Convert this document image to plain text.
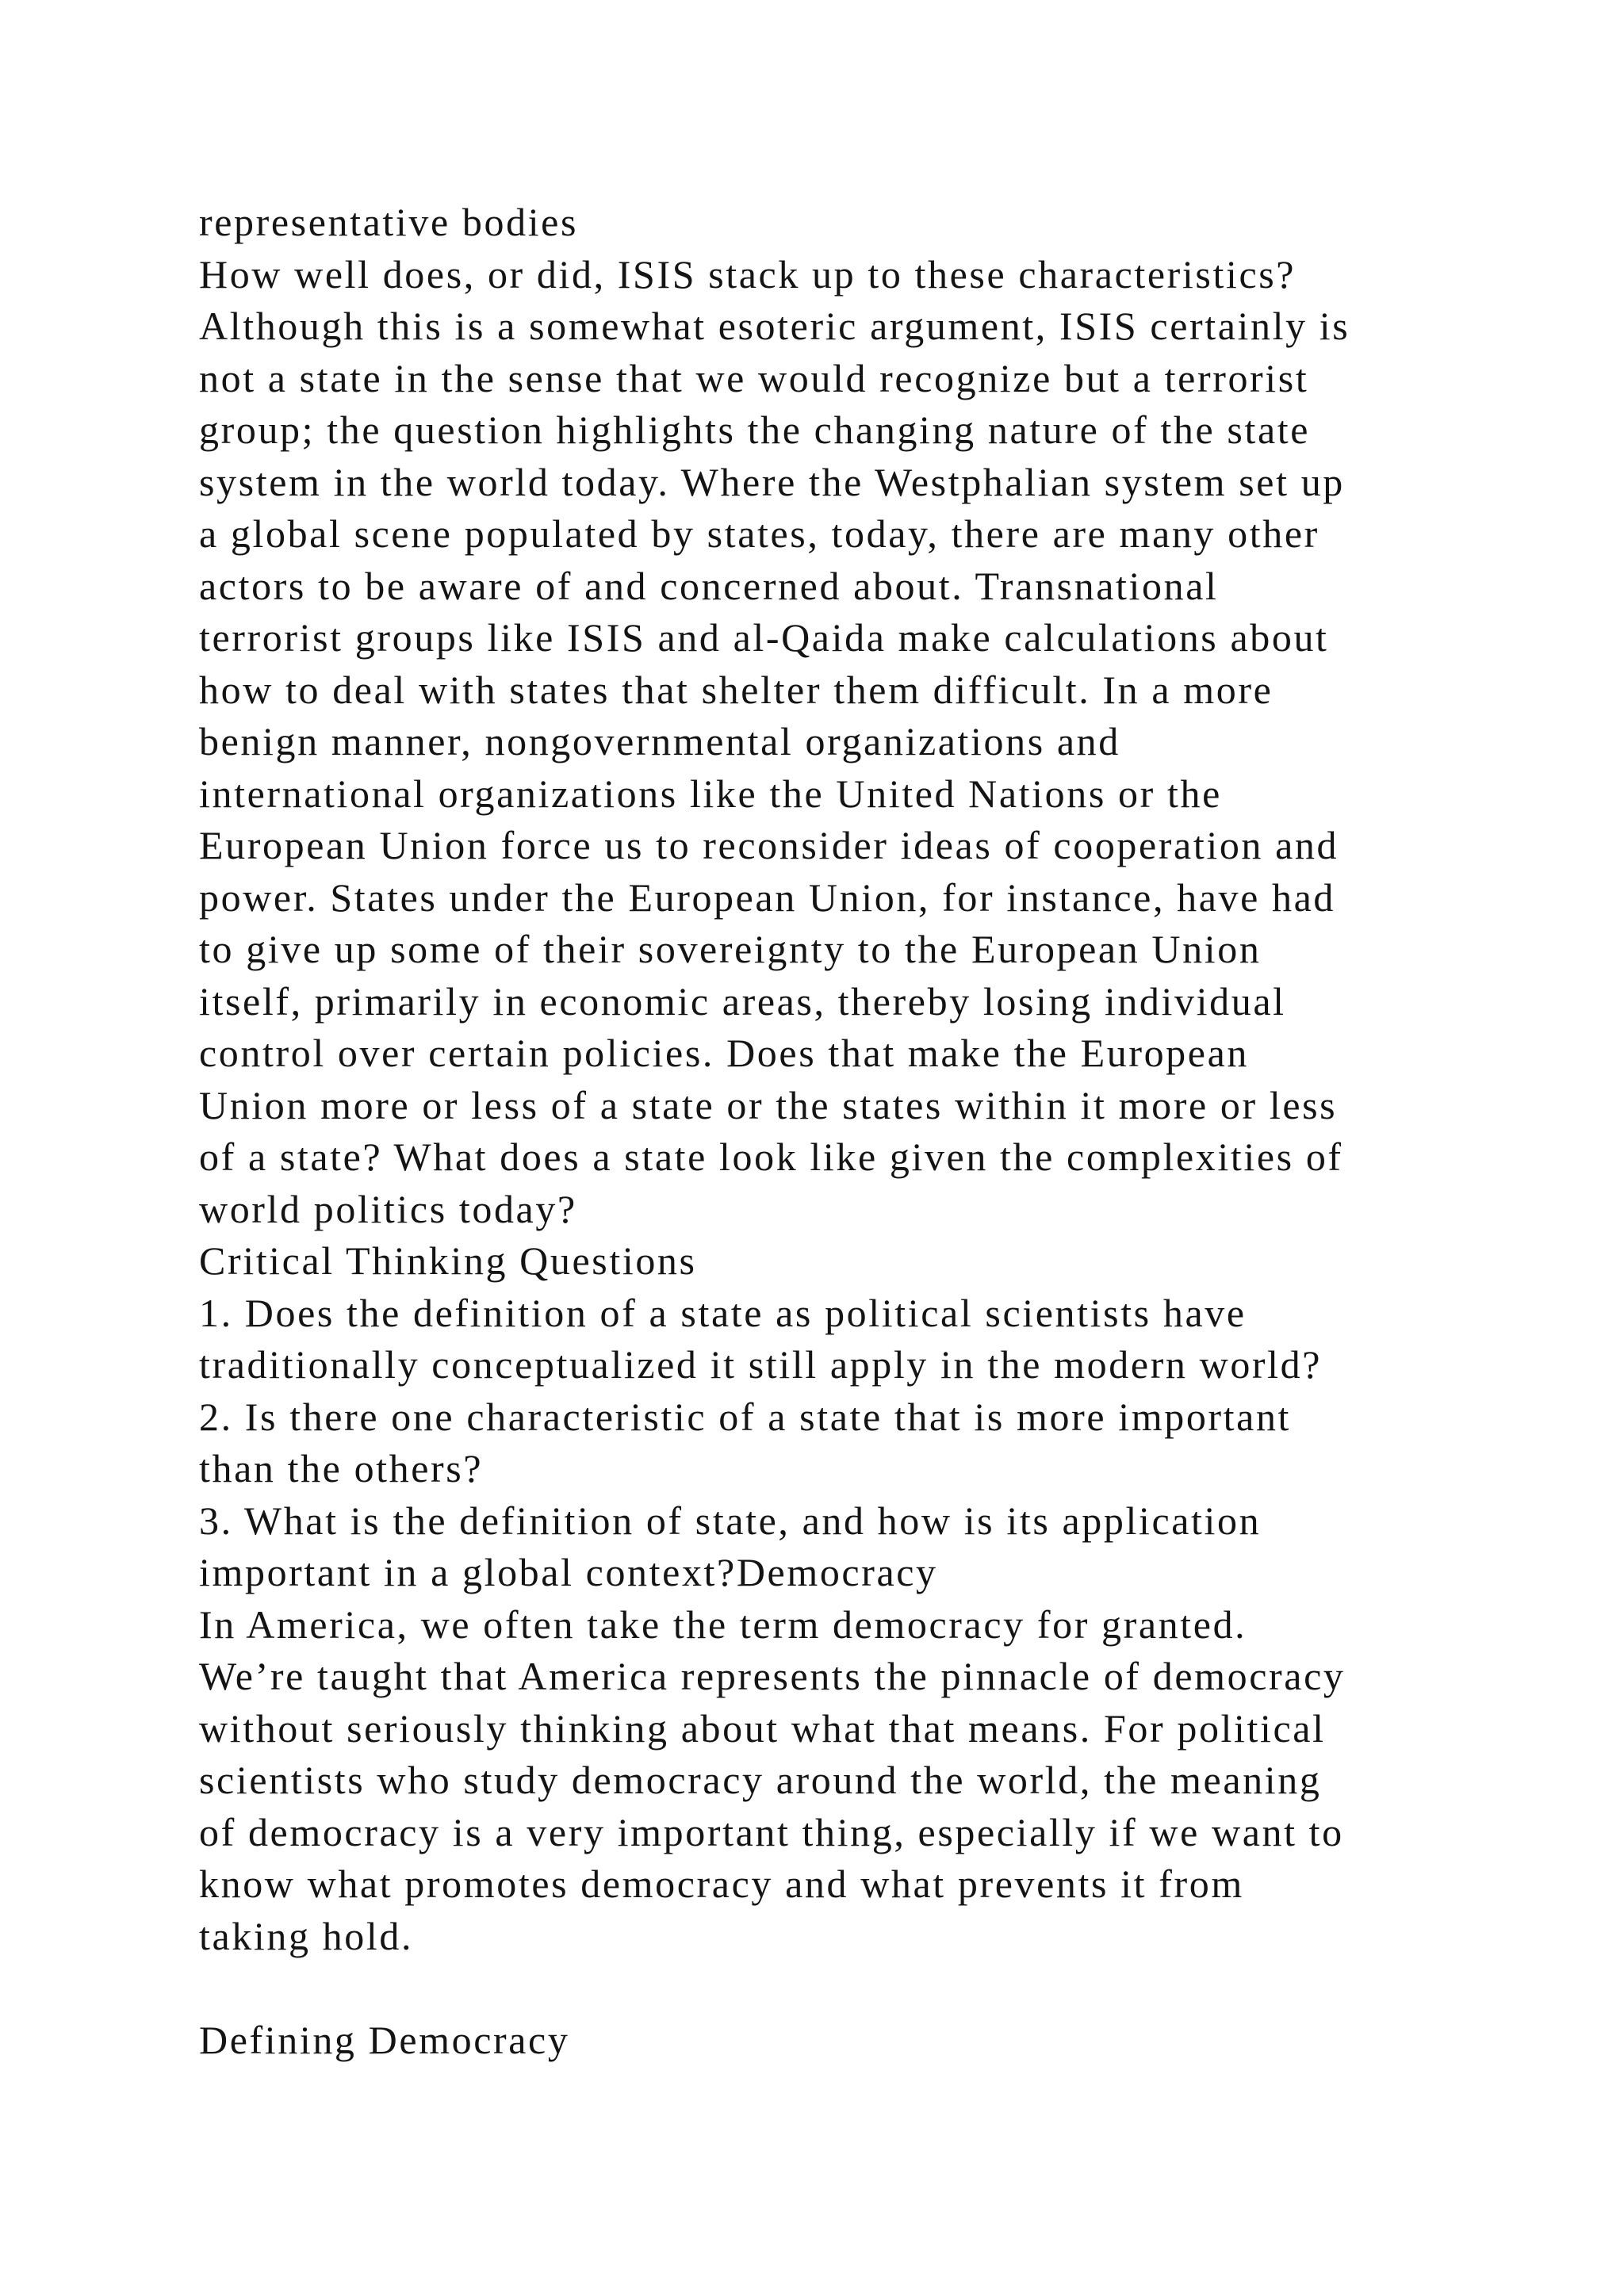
representative bodies
How well does, or did, ISIS stack up to these characteristics?
Although this is a somewhat esoteric argument, ISIS certainly is
not a state in the sense that we would recognize but a terrorist
group; the question highlights the changing nature of the state
system in the world today. Where the Westphalian system set up
a global scene populated by states, today, there are many other
actors to be aware of and concerned about. Transnational
terrorist groups like ISIS and al-Qaida make calculations about
how to deal with states that shelter them difficult. In a more
benign manner, nongovernmental organizations and
international organizations like the United Nations or the
European Union force us to reconsider ideas of cooperation and
power. States under the European Union, for instance, have had
to give up some of their sovereignty to the European Union
itself, primarily in economic areas, thereby losing individual
control over certain policies. Does that make the European
Union more or less of a state or the states within it more or less
of a state? What does a state look like given the complexities of
world politics today?
Critical Thinking Questions
1. Does the definition of a state as political scientists have
traditionally conceptualized it still apply in the modern world?
2. Is there one characteristic of a state that is more important
than the others?
3. What is the definition of state, and how is its application
important in a global context?Democracy
In America, we often take the term democracy for granted.
We’re taught that America represents the pinnacle of democracy
without seriously thinking about what that means. For political
scientists who study democracy around the world, the meaning
of democracy is a very important thing, especially if we want to
know what promotes democracy and what prevents it from
taking hold.
Defining Democracy
